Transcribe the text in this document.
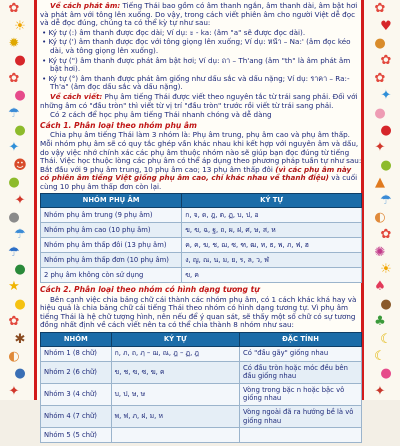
✿
☀
✹
●
✿
●
☂
●
✦
☻
●
✦
●
☂
☂
●
★
●
✿
✱
◐
●
✦
✿
♥
●
✿
✿
✦
●
●
✦
●
▲
☂
◐
✿
✺
☀
♠
●
♣
☾
☾
●
✦

Về cách phát âm: Tiếng Thái bao gồm có âm thanh ngắn, âm thanh dài, âm bật hơi và phát âm với tông lên xuống. Do vậy, trong cách viết phiên âm cho người Việt dễ đọc và dễ đọc đúng, chúng ta có thể kỳ tự như sau:

• Ký tự (:) âm thanh được đọc dài; Ví dụ: ะ - ka: (âm "a" sẽ được đọc dài).
• Ký tự (') âm thanh được đọc với tông giọng lên xuống; Ví dụ: หน้า – Na:' (âm đọc kéo dài, và tông giọng lên xuống).
• Ký tự (") âm thanh được phát âm bật hơi; Ví dụ: ถา – Th'ang (âm "th" là âm phát âm bật hơi).
• Ký tự (°) âm thanh được phát âm giống như dấu sắc và dấu nặng; Ví dụ: ราคา – Ra:- Th'a" (âm đọc dấu sắc và dấu nặng).

Về cách viết: Phụ âm tiếng Thái được viết theo nguyên tắc từ trái sang phải. Đối với những âm có "đầu tròn" thì viết từ vị trí "đầu tròn" trước rồi viết từ trái sang phải.

Có 2 cách để học phụ âm tiếng Thái nhanh chóng và dễ dàng

Cách 1. Phân loại theo nhóm phụ âm

Chia phụ âm tiếng Thái làm 3 nhóm là: Phụ âm trung, phụ âm cao và phụ âm thấp. Mỗi nhóm phụ âm sẽ có quy tắc ghép vần khác nhau khi kết hợp với nguyên âm và dấu, do vậy việc nhớ chính xác các phụ âm thuộc nhóm nào sẽ giúp bạn đọc đúng từ tiếng Thái. Việc học thuộc lòng các phụ âm có thể áp dụng theo phương pháp tuần tự như sau: Bắt đầu với 9 phụ âm trung, 10 phụ âm cao; 13 phụ âm thấp đôi (vì các phụ âm này có phiên âm tiếng Việt giống phụ âm cao, chỉ khác nhau về thanh điệu) và cuối cùng 10 phụ âm thấp đơn còn lại.

NHÓM PHỤ ÂM	KÝ TỰ
Nhóm phụ âm trung (9 phụ âm)	ก, จ, ด, ฎ, ต, ฏ, บ, ป, อ
Nhóm phụ âm cao (10 phụ âm)	ข, ฃ, ฉ, ฐ, ถ, ผ, ฝ, ศ, ษ, ส, ห
Nhóm phụ âm thấp đôi (13 phụ âm)	ค, ฅ, ฆ, ช, ฌ, ซ, ฑ, ฒ, ท, ธ, พ, ภ, ฟ, ฮ
Nhóm phụ âm thấp đơn (10 phụ âm)	ง, ญ, ณ, น, ม, ย, ร, ล, ว, ฬ
2 phụ âm không còn sử dụng	ฃ, ฅ
Cách 2. Phân loại theo nhóm có hình dạng tương tự

Bên cạnh việc chia bảng chữ cái thành các nhóm phụ âm, có 1 cách khác khá hay và hiệu quả là chia bảng chữ cái tiếng Thái theo nhóm có hình dạng tương tự. Vì phụ âm tiếng Thái là hệ chữ tượng hình, nên nếu để ý quan sát, sẽ thấy một số chữ có sự tương đồng nhất định về cách viết nên ta có thể chia thành 8 nhóm như sau:

NHÓM	KÝ TỰ	ĐẶC TÍNH
Nhóm 1 (8 chữ)	ก, ภ, ถ, ฦ – ฌ, ณ, ฎ – ฏ, ฎ	Có "đầu gãy" giống nhau
Nhóm 2 (6 chữ)	ข, ช, ฃ, ซ, ฆ, ฅ	Có đầu tròn hoặc móc đều bên đầu giống nhau
Nhóm 3 (4 chữ)	บ, ป, ษ, ษ	Vòng trong bặc n hoặc bậc vô giống nhau
Nhóm 4 (7 chữ)	พ, ฟ, ภ, ฝ, ม, ห	Vòng ngoài đã ra hướng bề là vô giống nhau
Nhóm 5 (5 chữ)		
